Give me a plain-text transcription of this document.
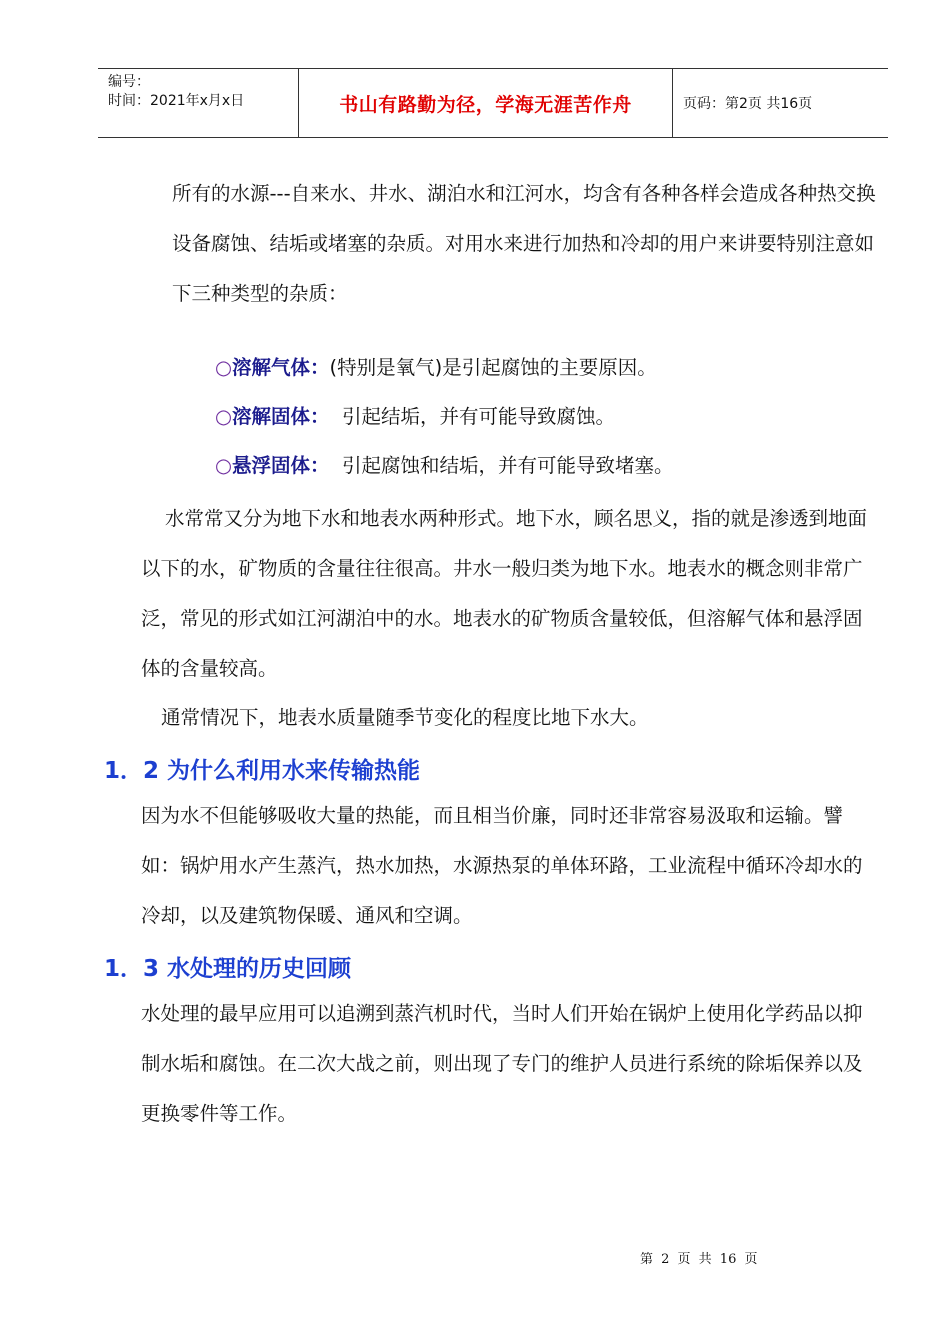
编号：
时间：2021年x月x日	书山有路勤为径，学海无涯苦作舟	页码：第2页 共16页

所有的水源---自来水、井水、湖泊水和江河水，均含有各种各样会造成各种热交换设备腐蚀、结垢或堵塞的杂质。对用水来进行加热和冷却的用户来讲要特别注意如下三种类型的杂质：

○溶解气体：(特别是氧气)是引起腐蚀的主要原因。
○溶解固体：  引起结垢，并有可能导致腐蚀。
○悬浮固体：  引起腐蚀和结垢，并有可能导致堵塞。

水常常又分为地下水和地表水两种形式。地下水，顾名思义，指的就是渗透到地面以下的水，矿物质的含量往往很高。井水一般归类为地下水。地表水的概念则非常广泛，常见的形式如江河湖泊中的水。地表水的矿物质含量较低，但溶解气体和悬浮固体的含量较高。

通常情况下，地表水质量随季节变化的程度比地下水大。

1．2 为什么利用水来传输热能

因为水不但能够吸收大量的热能，而且相当价廉，同时还非常容易汲取和运输。譬如：锅炉用水产生蒸汽，热水加热，水源热泵的单体环路，工业流程中循环冷却水的冷却，以及建筑物保暖、通风和空调。

1．3 水处理的历史回顾

水处理的最早应用可以追溯到蒸汽机时代，当时人们开始在锅炉上使用化学药品以抑制水垢和腐蚀。在二次大战之前，则出现了专门的维护人员进行系统的除垢保养以及更换零件等工作。

第 2 页 共 16 页
